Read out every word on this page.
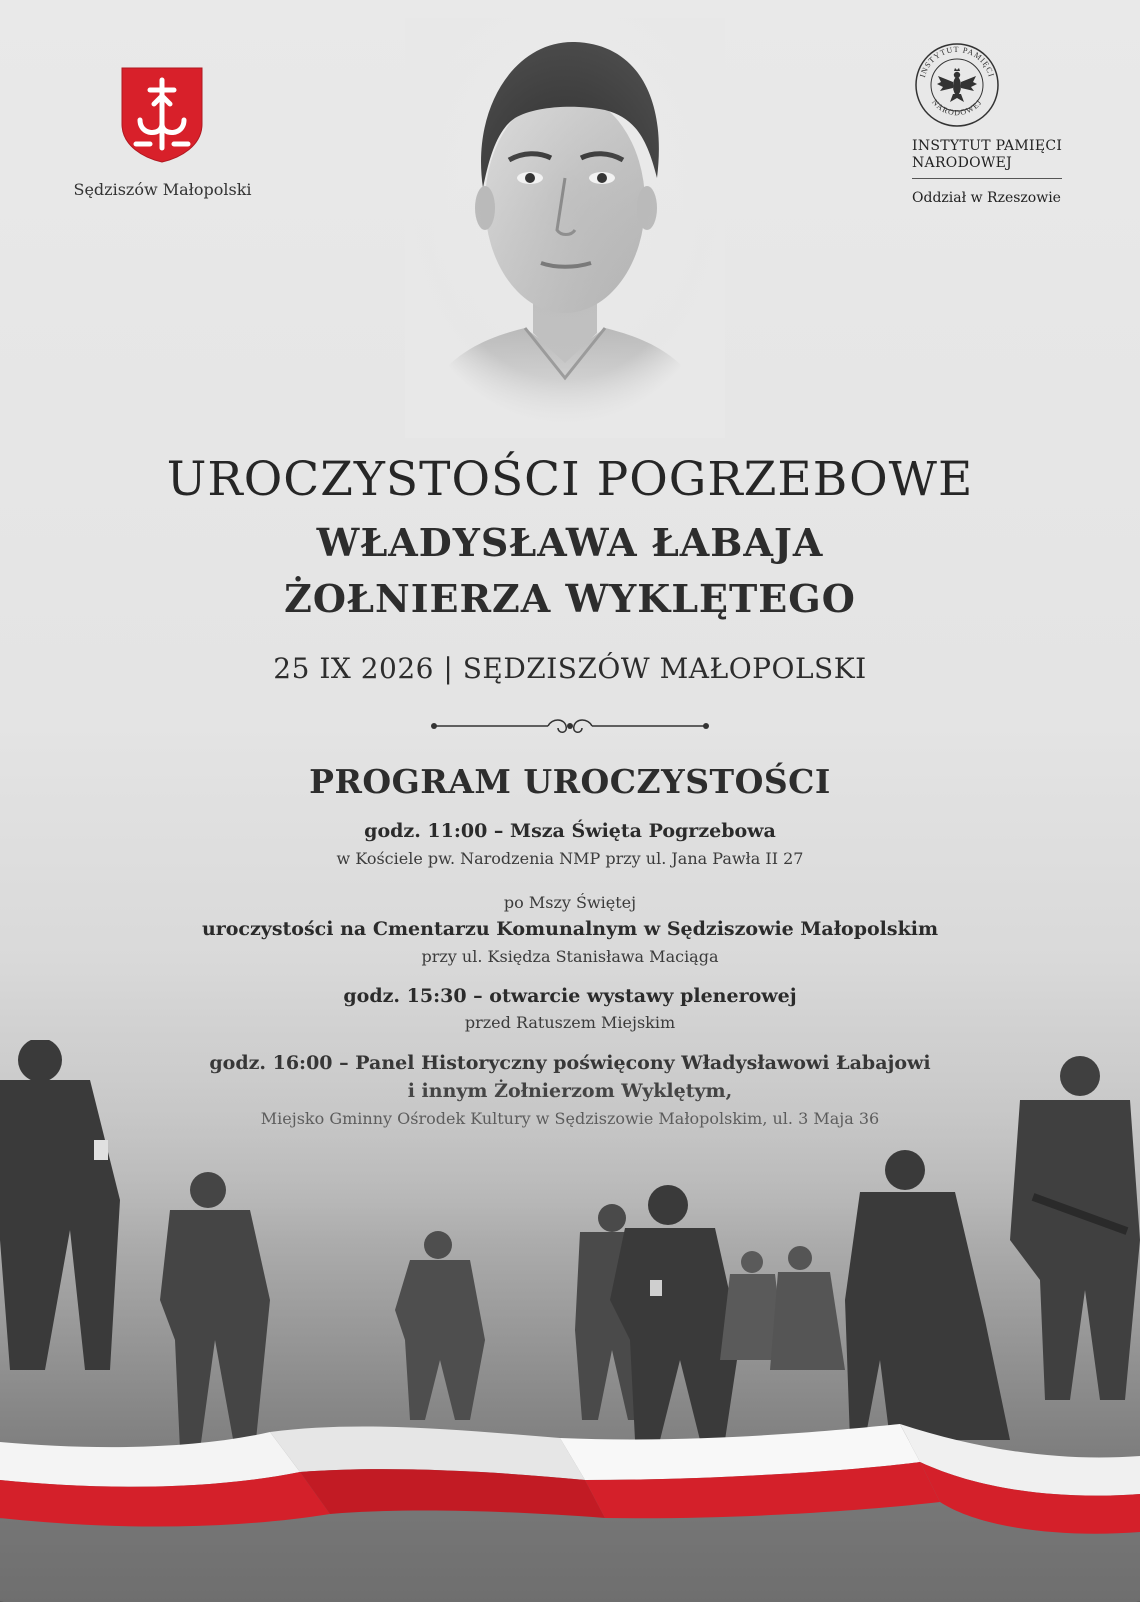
Sędziszów Małopolski
INSTYTUT PAMIĘCI
NARODOWEJ
INSTYTUT PAMIĘCI
NARODOWEJ
Oddział w Rzeszowie
UROCZYSTOŚCI POGRZEBOWE
WŁADYSŁAWA ŁABAJA
ŻOŁNIERZA WYKLĘTEGO
25 IX 2026 | SĘDZISZÓW MAŁOPOLSKI
PROGRAM UROCZYSTOŚCI
godz. 11:00 – Msza Święta Pogrzebowa
w Kościele pw. Narodzenia NMP przy ul. Jana Pawła II 27
po Mszy Świętej
uroczystości na Cmentarzu Komunalnym w Sędziszowie Małopolskim
przy ul. Księdza Stanisława Maciąga
godz. 15:30 – otwarcie wystawy plenerowej
przed Ratuszem Miejskim
